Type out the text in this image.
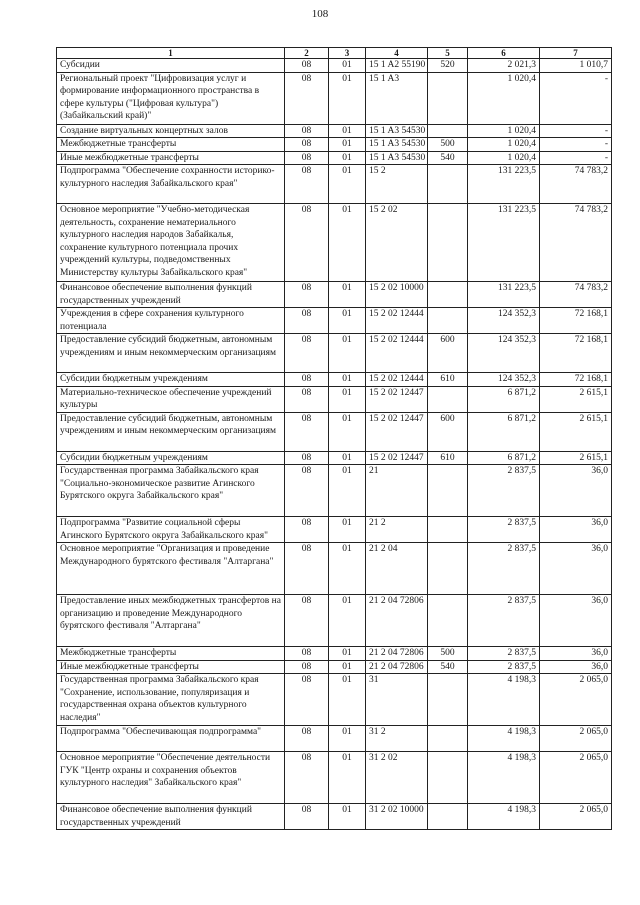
108
1	2	3	4	5	6	7
Субсидии	08	01	15 1 A2 55190	520	2 021,3	1 010,7
Региональный проект "Цифровизация услуг и формирование информационного пространства в сфере культуры ("Цифровая культура") (Забайкальский край)"	08	01	15 1 A3		1 020,4	-
Создание виртуальных концертных залов	08	01	15 1 A3 54530		1 020,4	-
Межбюджетные трансферты	08	01	15 1 A3 54530	500	1 020,4	-
Иные межбюджетные трансферты	08	01	15 1 A3 54530	540	1 020,4	-
Подпрограмма "Обеспечение сохранности историко-культурного наследия Забайкальского края"	08	01	15 2		131 223,5	74 783,2
Основное мероприятие "Учебно-методическая деятельность, сохранение нематериального культурного наследия народов Забайкалья, сохранение культурного потенциала прочих учреждений культуры, подведомственных Министерству культуры Забайкальского края"	08	01	15 2 02		131 223,5	74 783,2
Финансовое обеспечение выполнения функций государственных учреждений	08	01	15 2 02 10000		131 223,5	74 783,2
Учреждения в сфере сохранения культурного потенциала	08	01	15 2 02 12444		124 352,3	72 168,1
Предоставление субсидий бюджетным, автономным учреждениям и иным некоммерческим организациям	08	01	15 2 02 12444	600	124 352,3	72 168,1
Субсидии бюджетным учреждениям	08	01	15 2 02 12444	610	124 352,3	72 168,1
Материально-техническое обеспечение учреждений культуры	08	01	15 2 02 12447		6 871,2	2 615,1
Предоставление субсидий бюджетным, автономным учреждениям и иным некоммерческим организациям	08	01	15 2 02 12447	600	6 871,2	2 615,1
Субсидии бюджетным учреждениям	08	01	15 2 02 12447	610	6 871,2	2 615,1
Государственная программа Забайкальского края "Социально-экономическое развитие Агинского Бурятского округа Забайкальского края"	08	01	21		2 837,5	36,0
Подпрограмма "Развитие социальной сферы Агинского Бурятского округа Забайкальского края"	08	01	21 2		2 837,5	36,0
Основное мероприятие "Организация и проведение Международного бурятского фестиваля "Алтаргана"	08	01	21 2 04		2 837,5	36,0
Предоставление иных межбюджетных трансфертов на организацию и проведение Международного бурятского фестиваля "Алтаргана"	08	01	21 2 04 72806		2 837,5	36,0
Межбюджетные трансферты	08	01	21 2 04 72806	500	2 837,5	36,0
Иные межбюджетные трансферты	08	01	21 2 04 72806	540	2 837,5	36,0
Государственная программа Забайкальского края "Сохранение, использование, популяризация и государственная охрана объектов культурного наследия"	08	01	31		4 198,3	2 065,0
Подпрограмма "Обеспечивающая подпрограмма"	08	01	31 2		4 198,3	2 065,0
Основное мероприятие "Обеспечение деятельности ГУК "Центр охраны и сохранения объектов культурного наследия" Забайкальского края"	08	01	31 2 02		4 198,3	2 065,0
Финансовое обеспечение выполнения функций государственных учреждений	08	01	31 2 02 10000		4 198,3	2 065,0
